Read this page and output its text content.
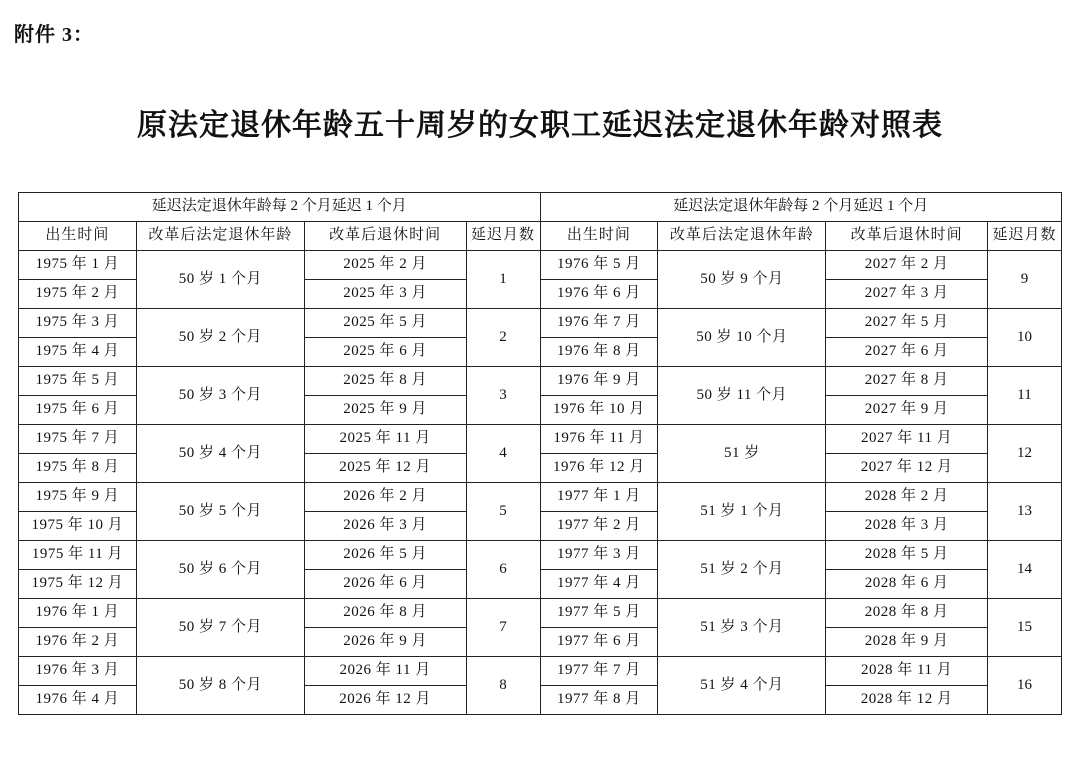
附件 3：
原法定退休年龄五十周岁的女职工延迟法定退休年龄对照表
延迟法定退休年龄每 2 个月延迟 1 个月			
出生时间	改革后法定退休年龄	改革后退休时间	延迟月数
1975 年 1 月	50 岁 1 个月	2025 年 2 月	1
1975 年 2 月		2025 年 3 月	
1975 年 3 月	50 岁 2 个月	2025 年 5 月	2
1975 年 4 月		2025 年 6 月	
1975 年 5 月	50 岁 3 个月	2025 年 8 月	3
1975 年 6 月		2025 年 9 月	
1975 年 7 月	50 岁 4 个月	2025 年 11 月	4
1975 年 8 月		2025 年 12 月	
1975 年 9 月	50 岁 5 个月	2026 年 2 月	5
1975 年 10 月		2026 年 3 月	
1975 年 11 月	50 岁 6 个月	2026 年 5 月	6
1975 年 12 月		2026 年 6 月	
1976 年 1 月	50 岁 7 个月	2026 年 8 月	7
1976 年 2 月		2026 年 9 月	
1976 年 3 月	50 岁 8 个月	2026 年 11 月	8
1976 年 4 月		2026 年 12 月	
延迟法定退休年龄每 2 个月延迟 1 个月			
出生时间	改革后法定退休年龄	改革后退休时间	延迟月数
1976 年 5 月	50 岁 9 个月	2027 年 2 月	9
1976 年 6 月		2027 年 3 月	
1976 年 7 月	50 岁 10 个月	2027 年 5 月	10
1976 年 8 月		2027 年 6 月	
1976 年 9 月	50 岁 11 个月	2027 年 8 月	11
1976 年 10 月		2027 年 9 月	
1976 年 11 月	51 岁	2027 年 11 月	12
1976 年 12 月		2027 年 12 月	
1977 年 1 月	51 岁 1 个月	2028 年 2 月	13
1977 年 2 月		2028 年 3 月	
1977 年 3 月	51 岁 2 个月	2028 年 5 月	14
1977 年 4 月		2028 年 6 月	
1977 年 5 月	51 岁 3 个月	2028 年 8 月	15
1977 年 6 月		2028 年 9 月	
1977 年 7 月	51 岁 4 个月	2028 年 11 月	16
1977 年 8 月		2028 年 12 月	
